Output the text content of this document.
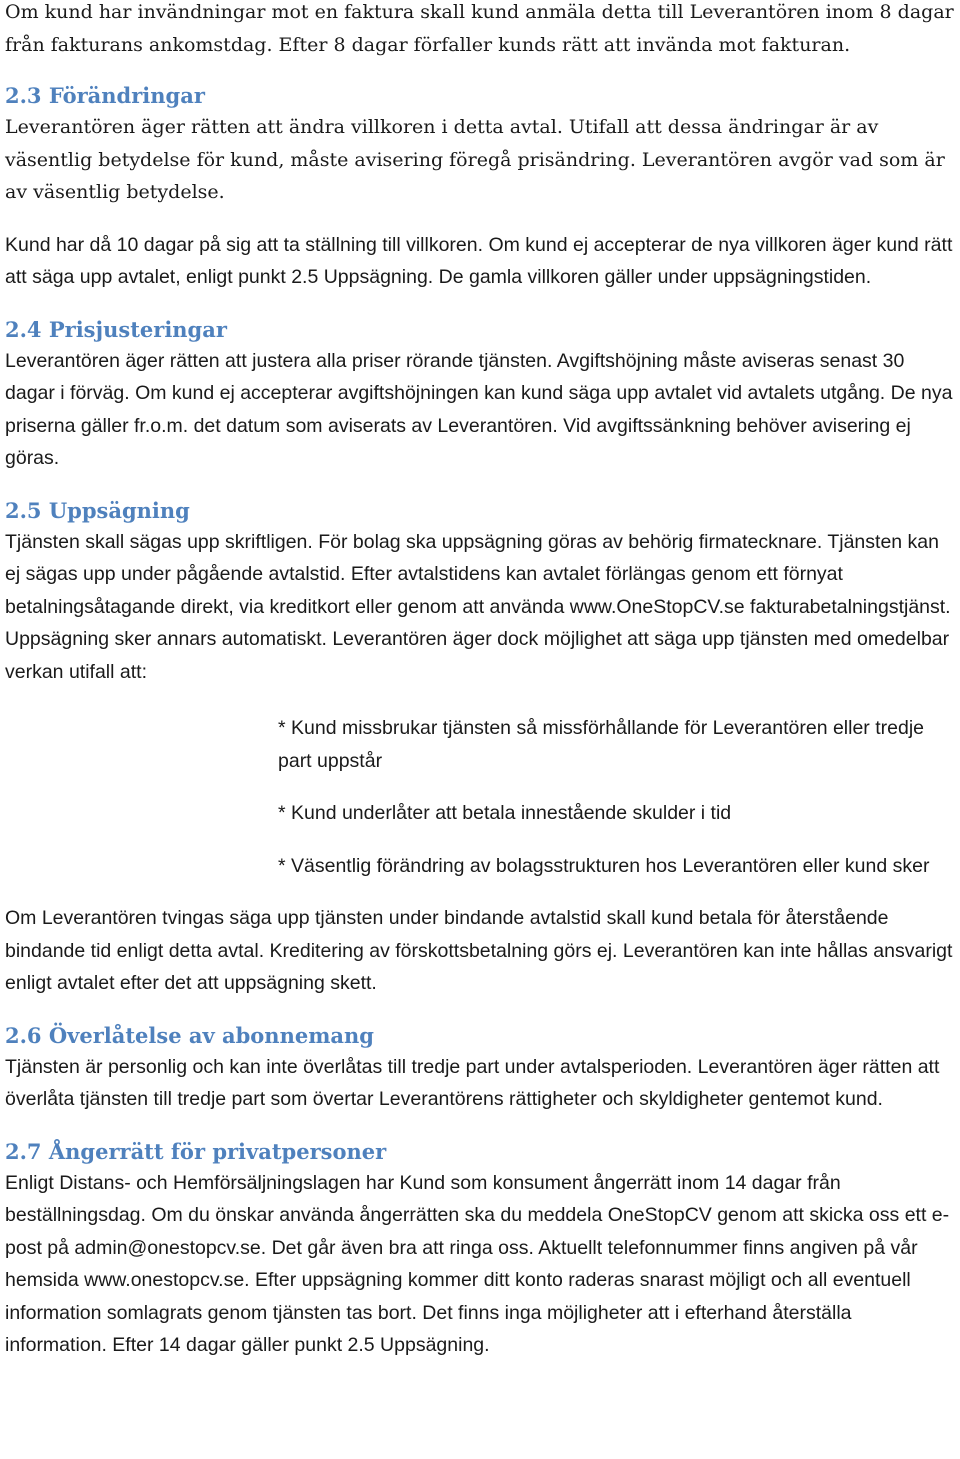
Om kund har invändningar mot en faktura skall kund anmäla detta till Leverantören inom 8 dagar från fakturans ankomstdag. Efter 8 dagar förfaller kunds rätt att invända mot fakturan.

2.3 Förändringar

Leverantören äger rätten att ändra villkoren i detta avtal. Utifall att dessa ändringar är av väsentlig betydelse för kund, måste avisering föregå prisändring. Leverantören avgör vad som är av väsentlig betydelse.

Kund har då 10 dagar på sig att ta ställning till villkoren. Om kund ej accepterar de nya villkoren äger kund rätt att säga upp avtalet, enligt punkt 2.5 Uppsägning. De gamla villkoren gäller under uppsägningstiden.

2.4 Prisjusteringar

Leverantören äger rätten att justera alla priser rörande tjänsten. Avgiftshöjning måste aviseras senast 30 dagar i förväg. Om kund ej accepterar avgiftshöjningen kan kund säga upp avtalet vid avtalets utgång. De nya priserna gäller fr.o.m. det datum som aviserats av Leverantören. Vid avgiftssänkning behöver avisering ej göras.

2.5 Uppsägning

Tjänsten skall sägas upp skriftligen. För bolag ska uppsägning göras av behörig firmatecknare. Tjänsten kan ej sägas upp under pågående avtalstid. Efter avtalstidens kan avtalet förlängas genom ett förnyat betalningsåtagande direkt, via kreditkort eller genom att använda www.OneStopCV.se fakturabetalningstjänst. Uppsägning sker annars automatiskt. Leverantören äger dock möjlighet att säga upp tjänsten med omedelbar verkan utifall att:

* Kund missbrukar tjänsten så missförhållande för Leverantören eller tredje part uppstår

* Kund underlåter att betala innestående skulder i tid

* Väsentlig förändring av bolagsstrukturen hos Leverantören eller kund sker

Om Leverantören tvingas säga upp tjänsten under bindande avtalstid skall kund betala för återstående bindande tid enligt detta avtal. Kreditering av förskottsbetalning görs ej. Leverantören kan inte hållas ansvarigt enligt avtalet efter det att uppsägning skett.

2.6 Överlåtelse av abonnemang

Tjänsten är personlig och kan inte överlåtas till tredje part under avtalsperioden. Leverantören äger rätten att överlåta tjänsten till tredje part som övertar Leverantörens rättigheter och skyldigheter gentemot kund.

2.7 Ångerrätt för privatpersoner

Enligt Distans- och Hemförsäljningslagen har Kund som konsument ångerrätt inom 14 dagar från beställningsdag. Om du önskar använda ångerrätten ska du meddela OneStopCV genom att skicka oss ett e-post på admin@onestopcv.se. Det går även bra att ringa oss. Aktuellt telefonnummer finns angiven på vår hemsida www.onestopcv.se. Efter uppsägning kommer ditt konto raderas snarast möjligt och all eventuell information somlagrats genom tjänsten tas bort. Det finns inga möjligheter att i efterhand återställa information. Efter 14 dagar gäller punkt 2.5 Uppsägning.
